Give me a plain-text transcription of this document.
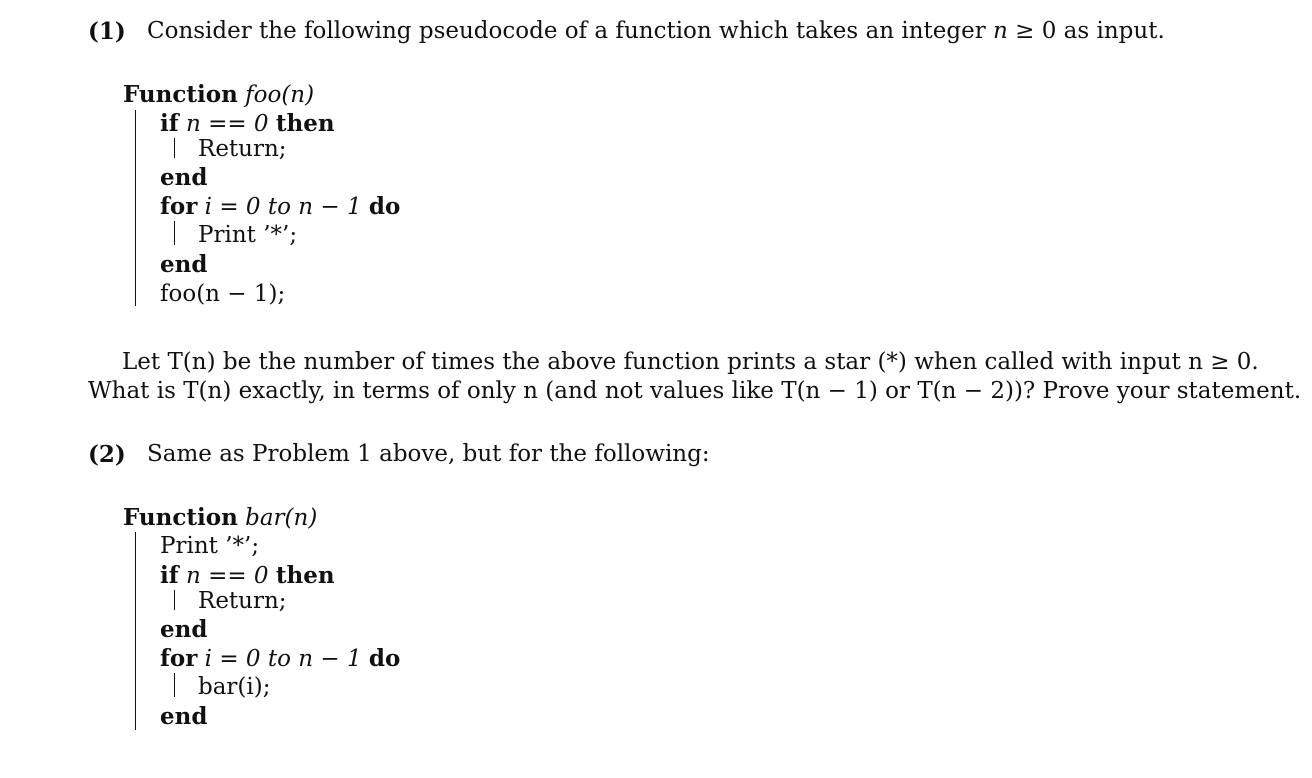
(1) Consider the following pseudocode of a function which takes an integer n ≥ 0 as input.
Function foo(n)
if n == 0 then
Return;
end
for i = 0 to n − 1 do
Print ’*’;
end
foo(n − 1);
Let T(n) be the number of times the above function prints a star (*) when called with input n ≥ 0.
What is T(n) exactly, in terms of only n (and not values like T(n − 1) or T(n − 2))? Prove your statement.
(2) Same as Problem 1 above, but for the following:
Function bar(n)
Print ’*’;
if n == 0 then
Return;
end
for i = 0 to n − 1 do
bar(i);
end
